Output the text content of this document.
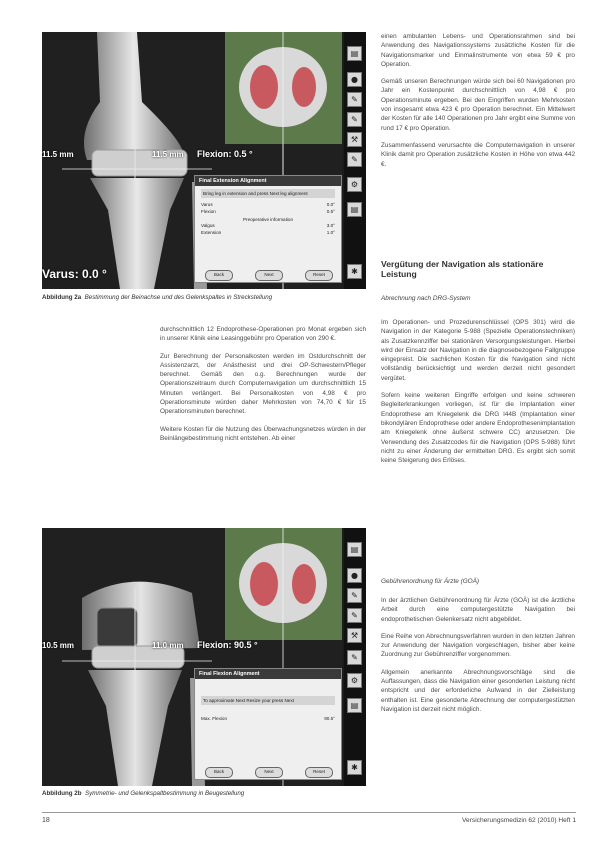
▤
●
✎
✎
⚒
✎
⚙
▤
✱
11.5 mm	11.5 mm Flexion: 0.5 °
Varus: 0.0 °
Final Extension Alignment
Bring leg in extension and press Next leg alignment
Varus	0.0°
Flexion	0.5°
Preoperative information
Valgus	3.0°
Extension	1.0°
Back	Next	Reset
Abbildung 2a Bestimmung der Beinachse und des Gelenkspaltes in Streckstellung

durchschnittlich 12 Endoprothese-Operationen pro Monat ergeben sich in unserer Klinik eine Leasinggebühr pro Operation von 290 €.

Zur Berechnung der Personalkosten werden im Ostdurchschnitt der Assistenzarzt, der Anästhesist und drei OP-Schwestern/Pfleger berechnet. Gemäß den o.g. Berechnungen wurde der Operationszeitraum durch Computernavigation um durchschnittlich 15 Minuten verlängert. Bei Personalkosten von 4,98 € pro Operationsminute würden daher Mehrkosten von 74,70 € für 15 Operationsminuten berechnet.

Weitere Kosten für die Nutzung des Überwachungsnetzes würden in der Beinlängebestimmung nicht entstehen. Ab einer

▤
●
✎
✎
⚒
✎
⚙
▤
✱
10.5 mm	11.0 mm Flexion: 90.5 °
Final Flexion Alignment
To approximate Next Resize your press Next
Max. Flexion	90.5°
Back	Next	Reset
Abbildung 2b Symmetrie- und Gelenkspaltbestimmung in Beugestellung

einen ambulanten Lebens- und Operationsrahmen sind bei Anwendung des Navigationssystems zusätzliche Kosten für die Navigationsmarker und Einmalinstrumente von etwa 59 € pro Operation.

Gemäß unseren Berechnungen würde sich bei 60 Navigationen pro Jahr ein Kostenpunkt durchschnittlich von 4,98 € pro Operationsminute ergeben. Bei den Eingriffen wurden Mehrkosten von insgesamt etwa 423 € pro Operation berechnet. Ein Mittelwert der Kosten für alle 140 Operationen pro Jahr ergibt eine Summe von rund 17 € pro Operation.

Zusammenfassend verursachte die Computernavigation in unserer Klinik damit pro Operation zusätzliche Kosten in Höhe von etwa 442 €.

Vergütung der Navigation als stationäre Leistung
Abrechnung nach DRG-System

Im Operationen- und Prozedurenschlüssel (OPS 301) wird die Navigation in der Kategorie 5-988 (Spezielle Operationstechniken) als Zusatzkennziffer bei stationären Versorgungsleistungen. Hierbei wird der Einsatz der Navigation in die diagnosebezogene Fallgruppe eingepreist. Die sachlichen Kosten für die Navigation sind nicht vollständig berücksichtigt und werden derzeit nicht gesondert vergütet.

Sofern keine weiteren Eingriffe erfolgen und keine schweren Begleiterkrankungen vorliegen, ist für die Implantation einer Endoprothese am Kniegelenk die DRG I44B (Implantation einer bikondylären Endoprothese oder andere Endoprothesenimplantation am Kniegelenk ohne äußerst schwere CC) anzusetzen. Die Verwendung des Zusatzcodes für die Navigation (OPS 5-988) führt nicht zu einer Änderung der ermittelten DRG. Es ergibt sich somit keine Steigerung des Erlöses.

Gebührenordnung für Ärzte (GOÄ)

In der ärztlichen Gebührenordnung für Ärzte (GOÄ) ist die ärztliche Arbeit durch eine computergestützte Navigation bei endoprothetischen Gelenkersatz nicht abgebildet.

Eine Reihe von Abrechnungsverfahren wurden in den letzten Jahren zur Anwendung der Navigation vorgeschlagen, bisher aber keine Zuordnung zur Gebührenziffer vorgenommen.

Allgemein anerkannte Abrechnungsvorschläge sind die Auffassungen, dass die Navigation einer gesonderten Leistung nicht entspricht und der erforderliche Aufwand in der Zielleistung enthalten ist. Eine gesonderte Abrechnung der computergestützten Navigation ist derzeit nicht möglich.

18	Versicherungsmedizin 62 (2010) Heft 1
